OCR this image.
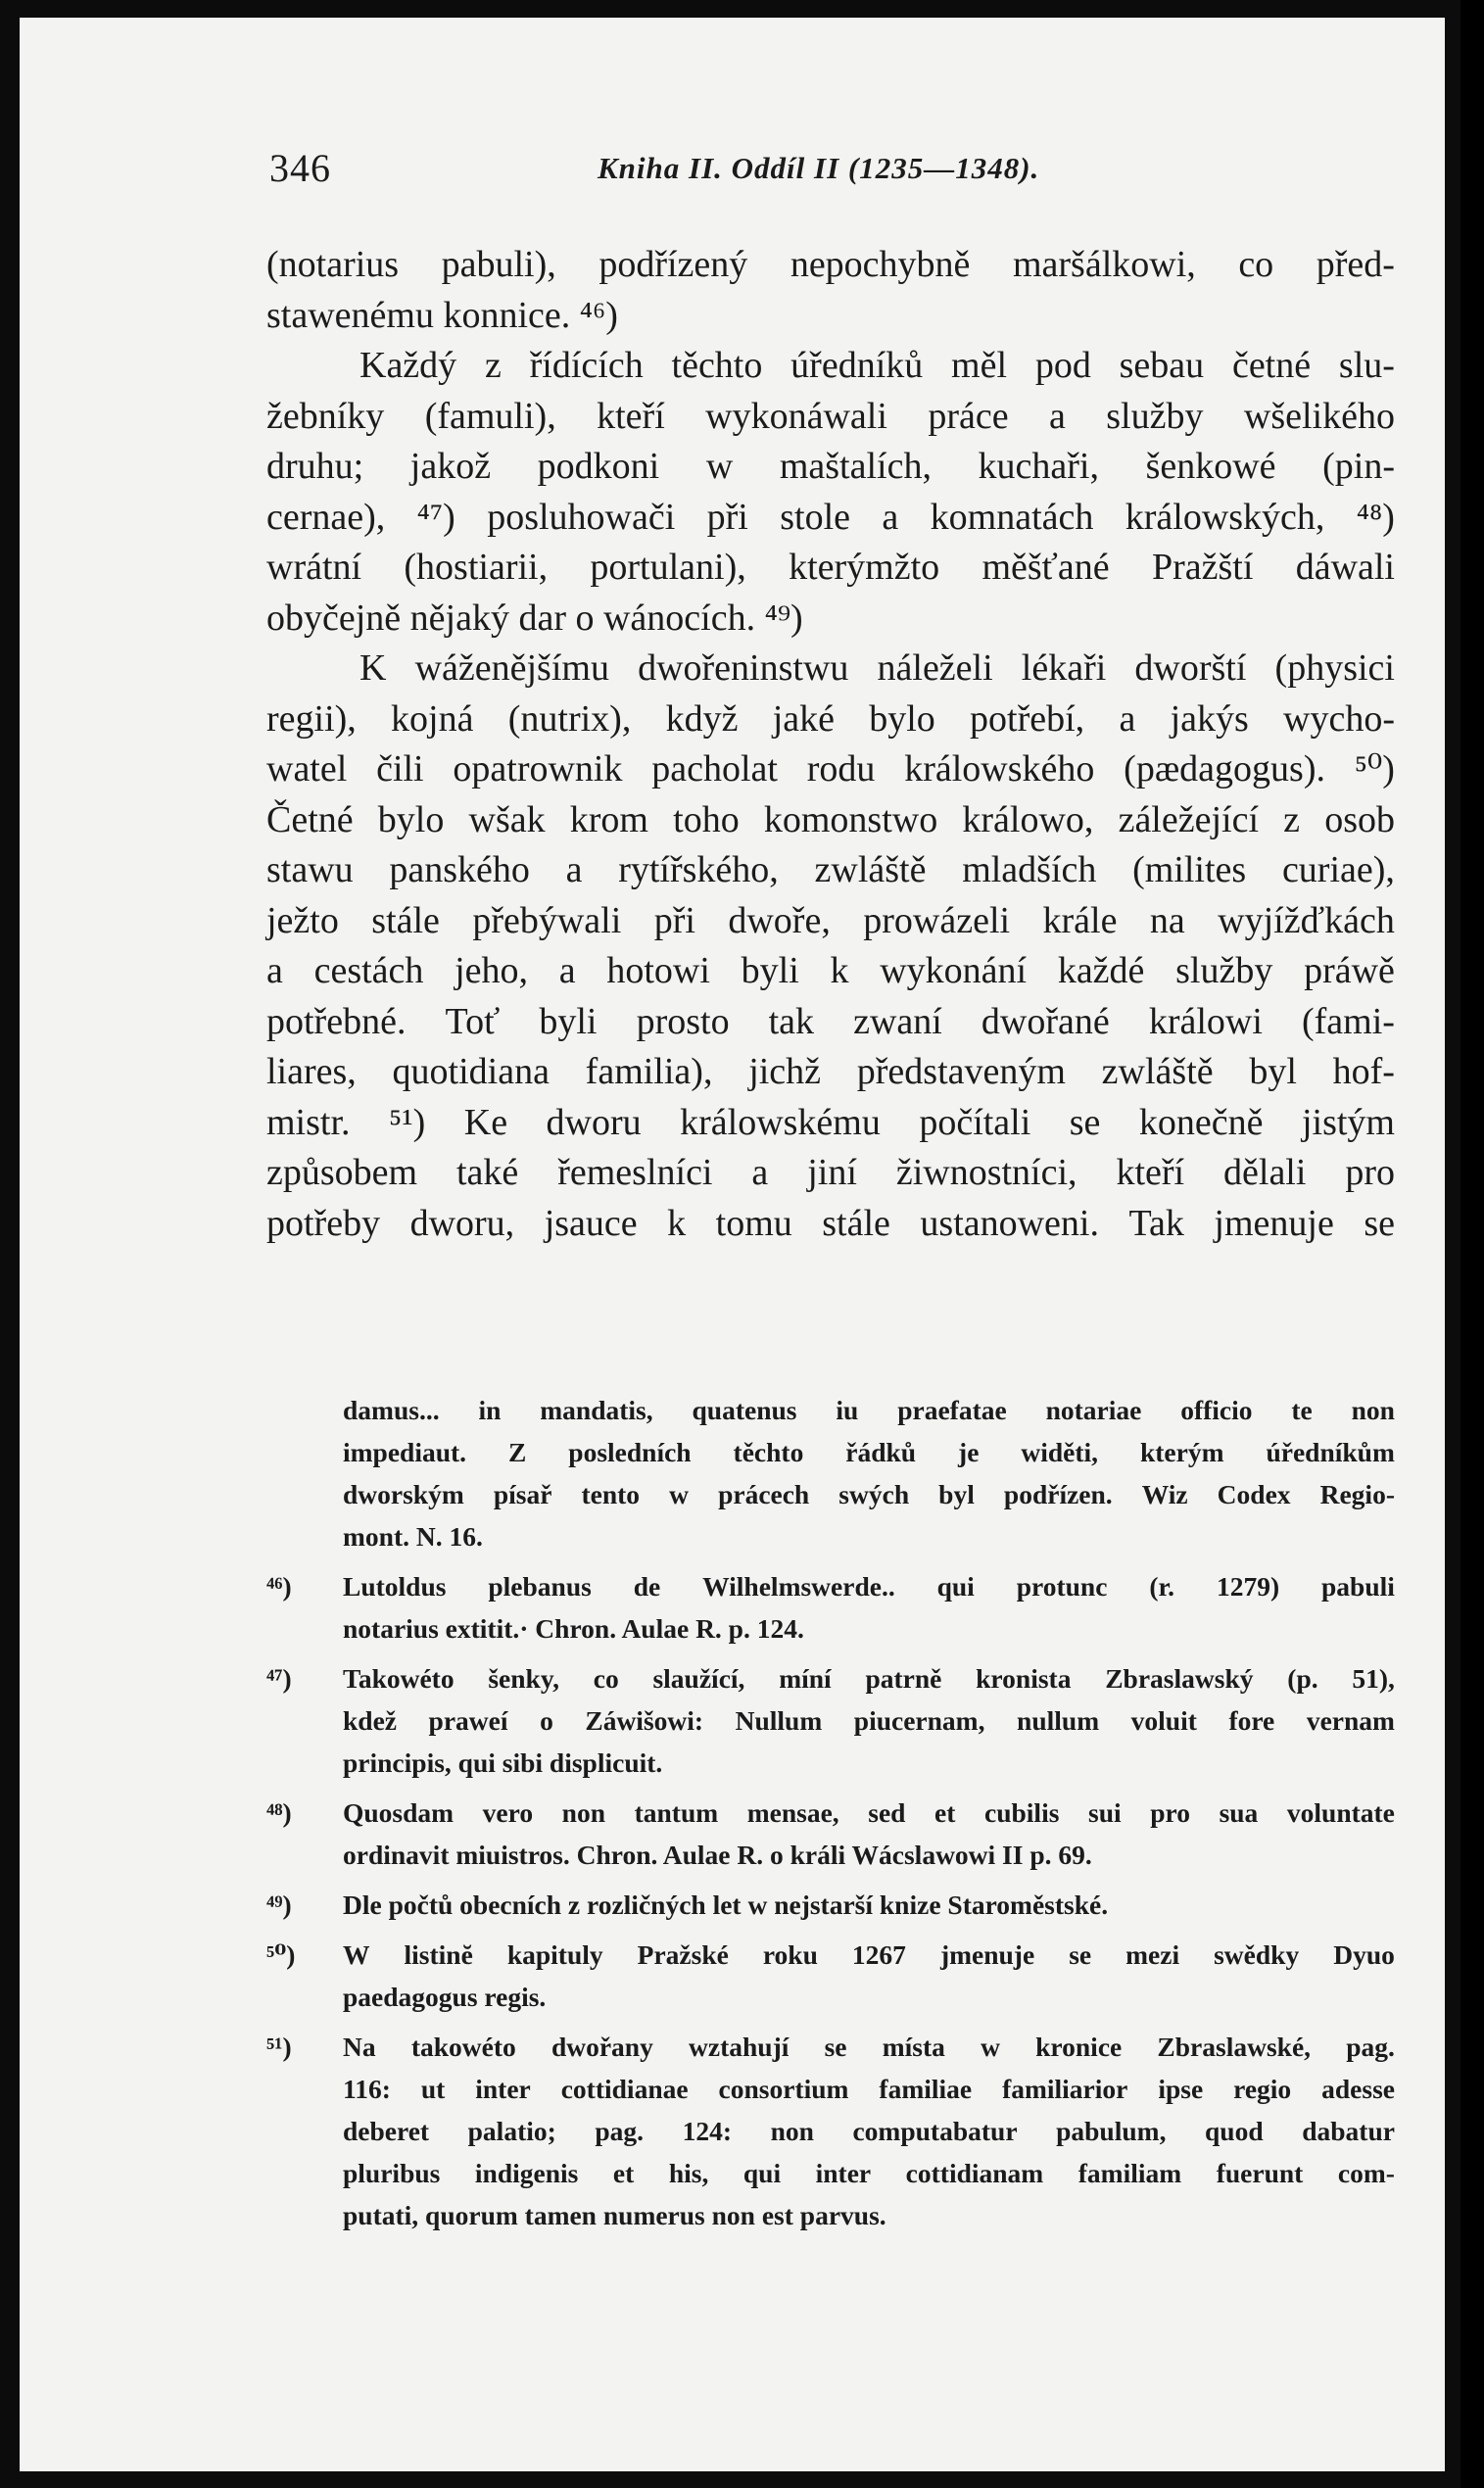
346	Kniha II. Oddíl II (1235—1348).
(notarius pabuli), podřízený nepochybně maršálkowi, co před-
stawenému konnice. ⁴⁶)
Každý z řídících těchto úředníků měl pod sebau četné slu-
žebníky (famuli), kteří wykonáwali práce a služby wšelikého
druhu; jakož podkoni w maštalích, kuchaři, šenkowé (pin-
cernae), ⁴⁷) posluhowači při stole a komnatách králowských, ⁴⁸)
wrátní (hostiarii, portulani), kterýmžto měšťané Pražští dáwali
obyčejně nějaký dar o wánocích. ⁴⁹)
K wáženějšímu dwořeninstwu náleželi lékaři dworští (physici
regii), kojná (nutrix), když jaké bylo potřebí, a jakýs wycho-
watel čili opatrownik pacholat rodu králowského (pædagogus). ⁵⁰)
Četné bylo wšak krom toho komonstwo králowo, záležející z osob
stawu panského a rytířského, zwláště mladších (milites curiae),
ježto stále přebýwali při dwoře, prowázeli krále na wyjížďkách
a cestách jeho, a hotowi byli k wykonání každé služby práwě
potřebné. Toť byli prosto tak zwaní dwořané králowi (fami-
liares, quotidiana familia), jichž představeným zwláště byl hof-
mistr. ⁵¹) Ke dworu králowskému počítali se konečně jistým
způsobem také řemeslníci a jiní žiwnostníci, kteří dělali pro
potřeby dworu, jsauce k tomu stále ustanoweni. Tak jmenuje se
damus... in mandatis, quatenus iu praefatae notariae officio te non
impediaut. Z posledních těchto řádků je widěti, kterým úředníkům
dworským písař tento w prácech swých byl podřízen. Wiz Codex Regio-
mont. N. 16.
⁴⁶)	Lutoldus plebanus de Wilhelmswerde.. qui protunc (r. 1279) pabuli
notarius extitit.· Chron. Aulae R. p. 124.
⁴⁷)	Takowéto šenky, co slaužící, míní patrně kronista Zbraslawský (p. 51),
kdež praweí o Záwišowi: Nullum piucernam, nullum voluit fore vernam
principis, qui sibi displicuit.
⁴⁸)	Quosdam vero non tantum mensae, sed et cubilis sui pro sua voluntate
ordinavit miuistros. Chron. Aulae R. o králi Wácslawowi II p. 69.
⁴⁹)	Dle počtů obecních z rozličných let w nejstarší knize Staroměstské.
⁵⁰)	W listinĕ kapituly Pražské roku 1267 jmenuje se mezi swědky Dyuo
paedagogus regis.
⁵¹)	Na takowéto dwořany wztahují se místa w kronice Zbraslawské, pag.
116: ut inter cottidianae consortium familiae familiarior ipse regio adesse
deberet palatio; pag. 124: non computabatur pabulum, quod dabatur
pluribus indigenis et his, qui inter cottidianam familiam fuerunt com-
putati, quorum tamen numerus non est parvus.
